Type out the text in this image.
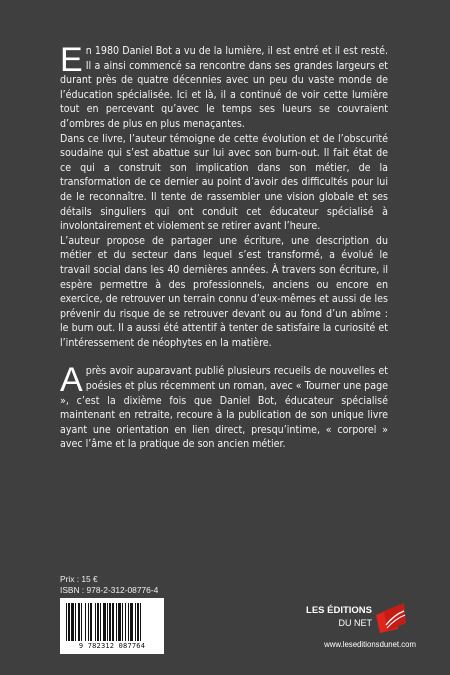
En 1980 Daniel Bot a vu de la lumière, il est entré et il est resté. Il a ainsi commencé sa rencontre dans ses grandes largeurs et durant près de quatre décennies avec un peu du vaste monde de l’éducation spécialisée. Ici et là, il a continué de voir cette lumière tout en percevant qu’avec le temps ses lueurs se couvraient d’ombres de plus en plus menaçantes.

Dans ce livre, l’auteur témoigne de cette évolution et de l’obscurité soudaine qui s’est abattue sur lui avec son burn-out. Il fait état de ce qui a construit son implication dans son métier, de la transformation de ce dernier au point d’avoir des difficultés pour lui de le reconnaître. Il tente de rassembler une vision globale et ses détails singuliers qui ont conduit cet éducateur spécialisé à involontairement et violement se retirer avant l’heure.

L’auteur propose de partager une écriture, une description du métier et du secteur dans lequel s’est transformé, a évolué le travail social dans les 40 dernières années. À travers son écriture, il espère permettre à des professionnels, anciens ou encore en exercice, de retrouver un terrain connu d’eux-mêmes et aussi de les prévenir du risque de se retrouver devant ou au fond d’un abîme : le burn out. Il a aussi été attentif à tenter de satisfaire la curiosité et l’intéressement de néophytes en la matière.

Après avoir auparavant publié plusieurs recueils de nouvelles et poésies et plus récemment un roman, avec « Tourner une page », c’est la dixième fois que Daniel Bot, éducateur spécialisé maintenant en retraite, recoure à la publication de son unique livre ayant une orientation en lien direct, presqu’intime, « corporel » avec l’âme et la pratique de son ancien métier.

Prix : 15 €
ISBN : 978-2-312-08776-4
9 782312 087764
LES ÉDITIONS
DU NET
www.leseditionsdunet.com
